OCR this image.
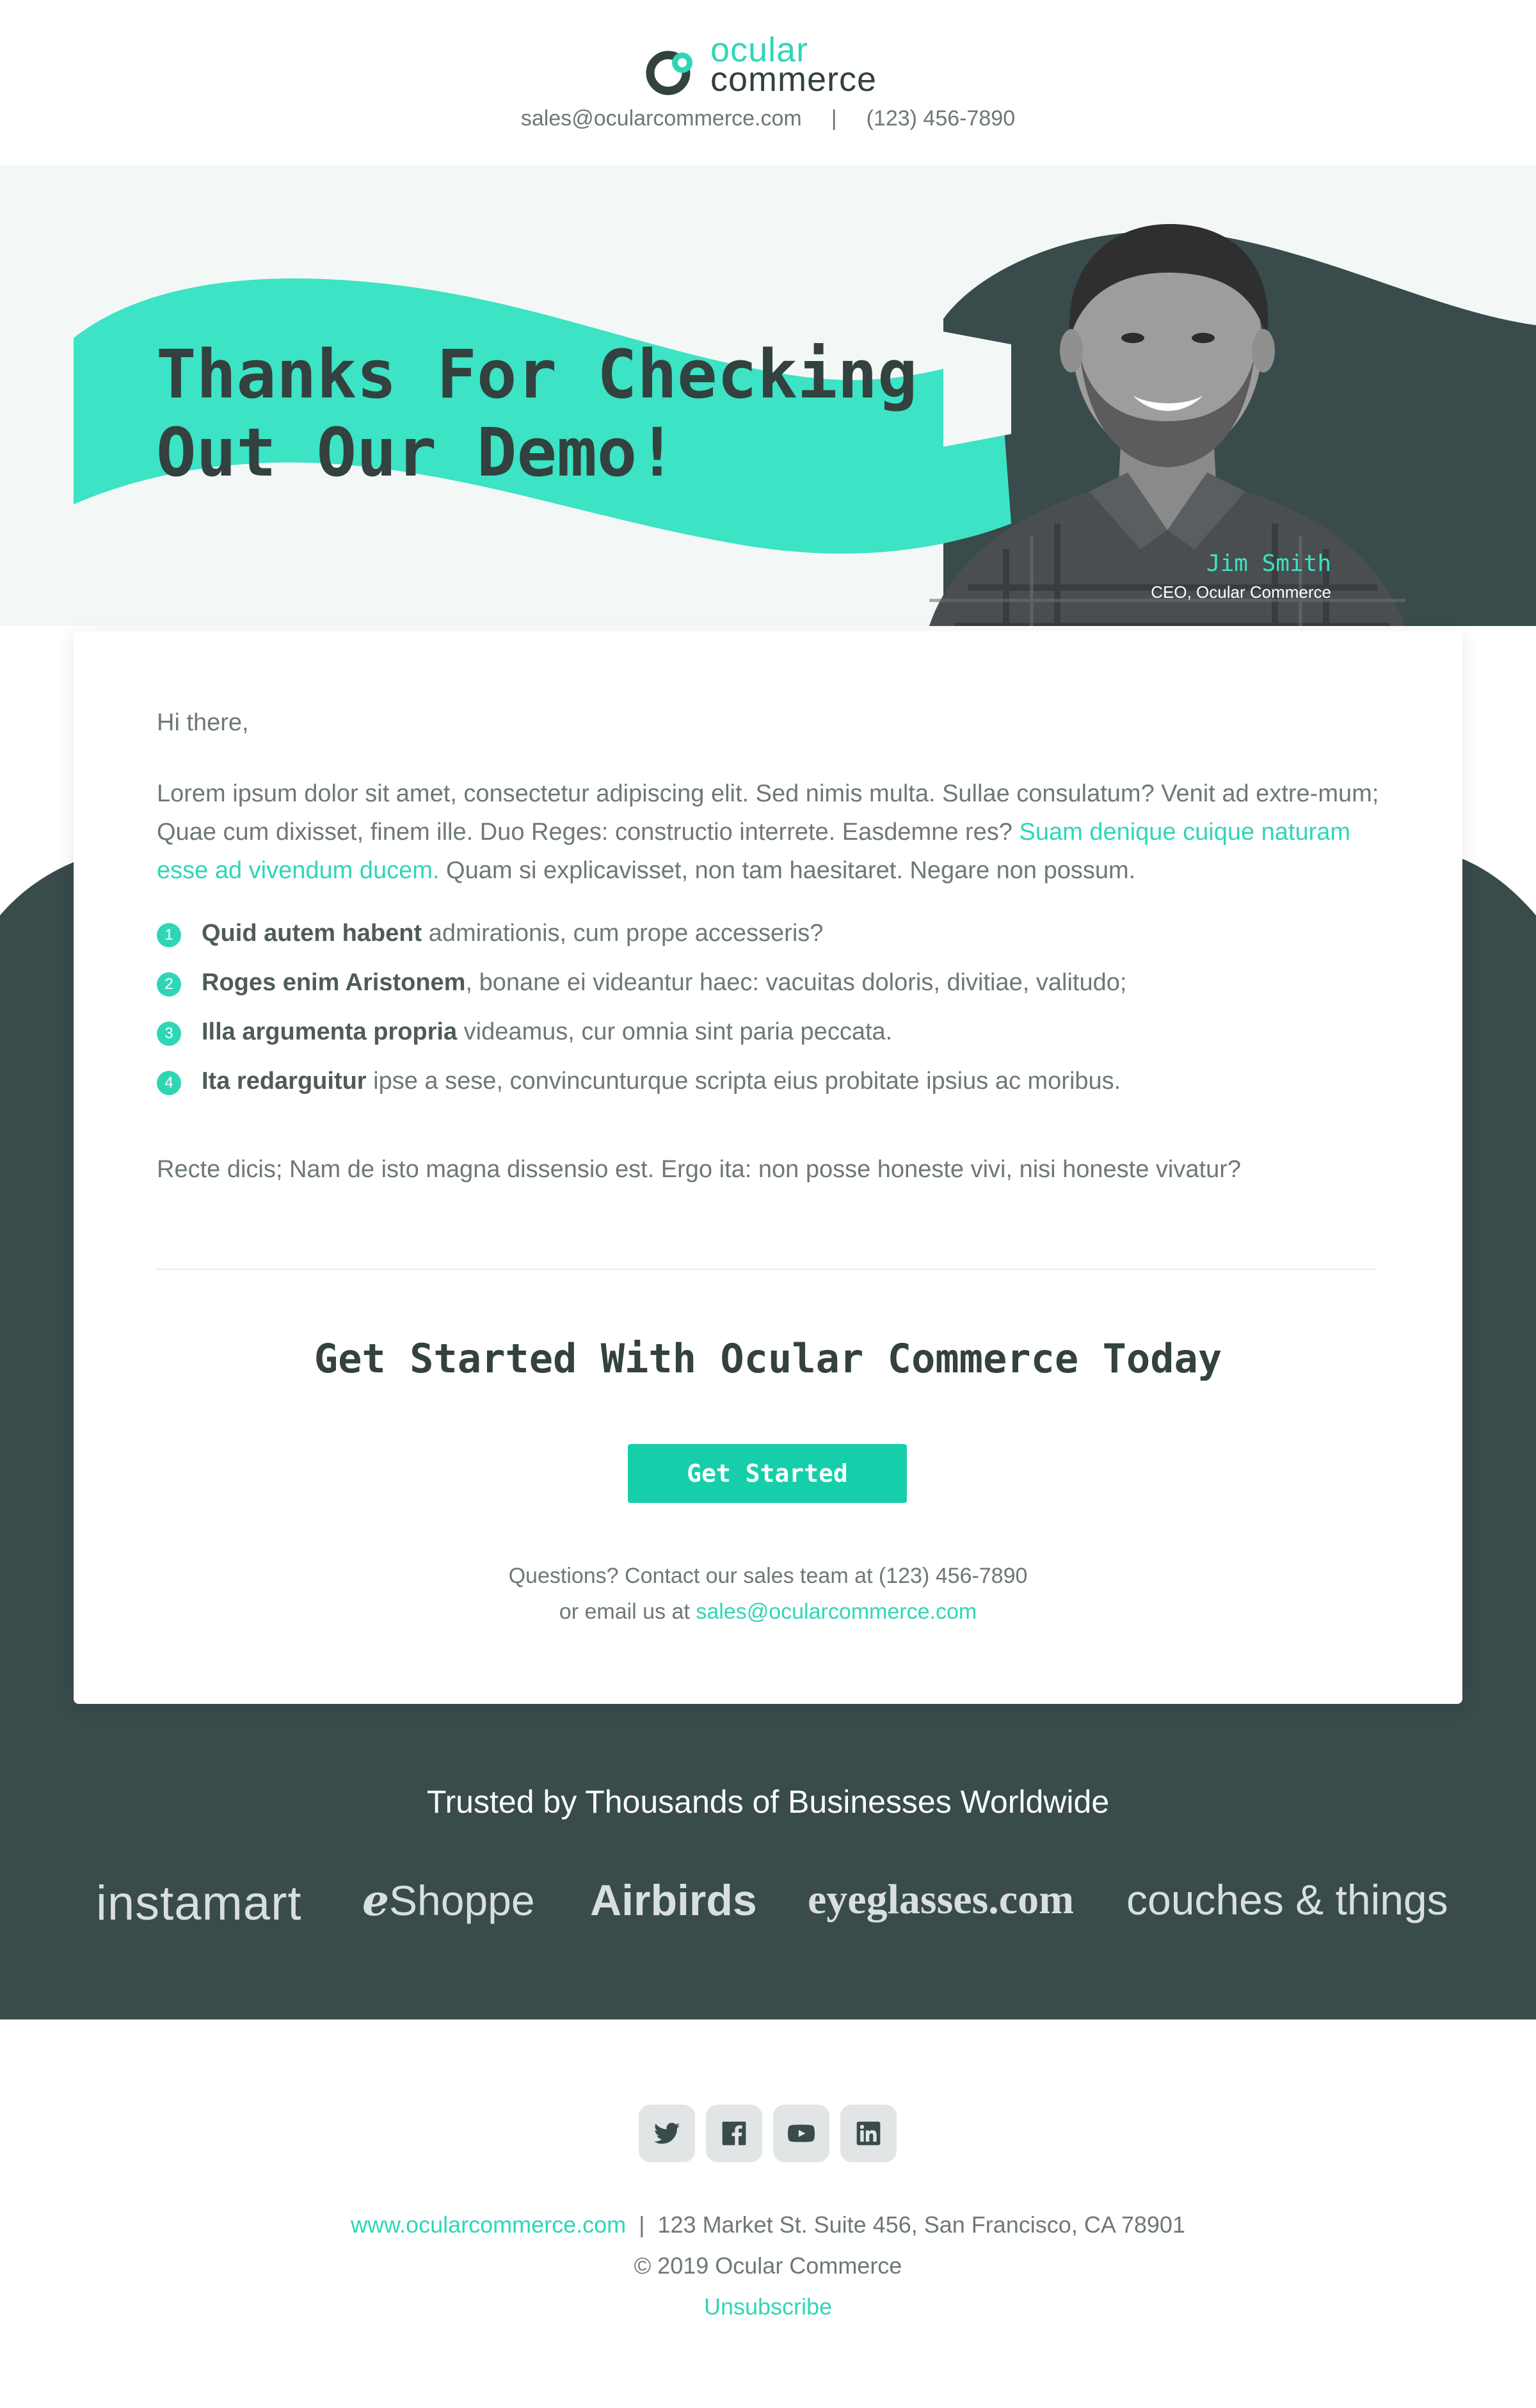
ocular
commerce
sales@ocularcommerce.com | (123) 456-7890
Thanks For Checking
Out Our Demo!
Jim Smith
CEO, Ocular Commerce
Hi there,
Lorem ipsum dolor sit amet, consectetur adipiscing elit. Sed nimis multa. Sullae consulatum? Venit ad extre-mum; Quae cum dixisset, finem ille. Duo Reges: constructio interrete. Easdemne res? Suam denique cuique naturam esse ad vivendum ducem. Quam si explicavisset, non tam haesitaret. Negare non possum.
1	Quid autem habent admirationis, cum prope accesseris?
2	Roges enim Aristonem, bonane ei videantur haec: vacuitas doloris, divitiae, valitudo;
3	Illa argumenta propria videamus, cur omnia sint paria peccata.
4	Ita redarguitur ipse a sese, convincunturque scripta eius probitate ipsius ac moribus.
Recte dicis; Nam de isto magna dissensio est. Ergo ita: non posse honeste vivi, nisi honeste vivatur?
Get Started With Ocular Commerce Today
Get Started
Questions? Contact our sales team at (123) 456-7890
or email us at sales@ocularcommerce.com
Trusted by Thousands of Businesses Worldwide
instamart eShoppe Airbirds eyeglasses.com couches & things
www.ocularcommerce.com | 123 Market St. Suite 456, San Francisco, CA 78901
© 2019 Ocular Commerce
Unsubscribe
